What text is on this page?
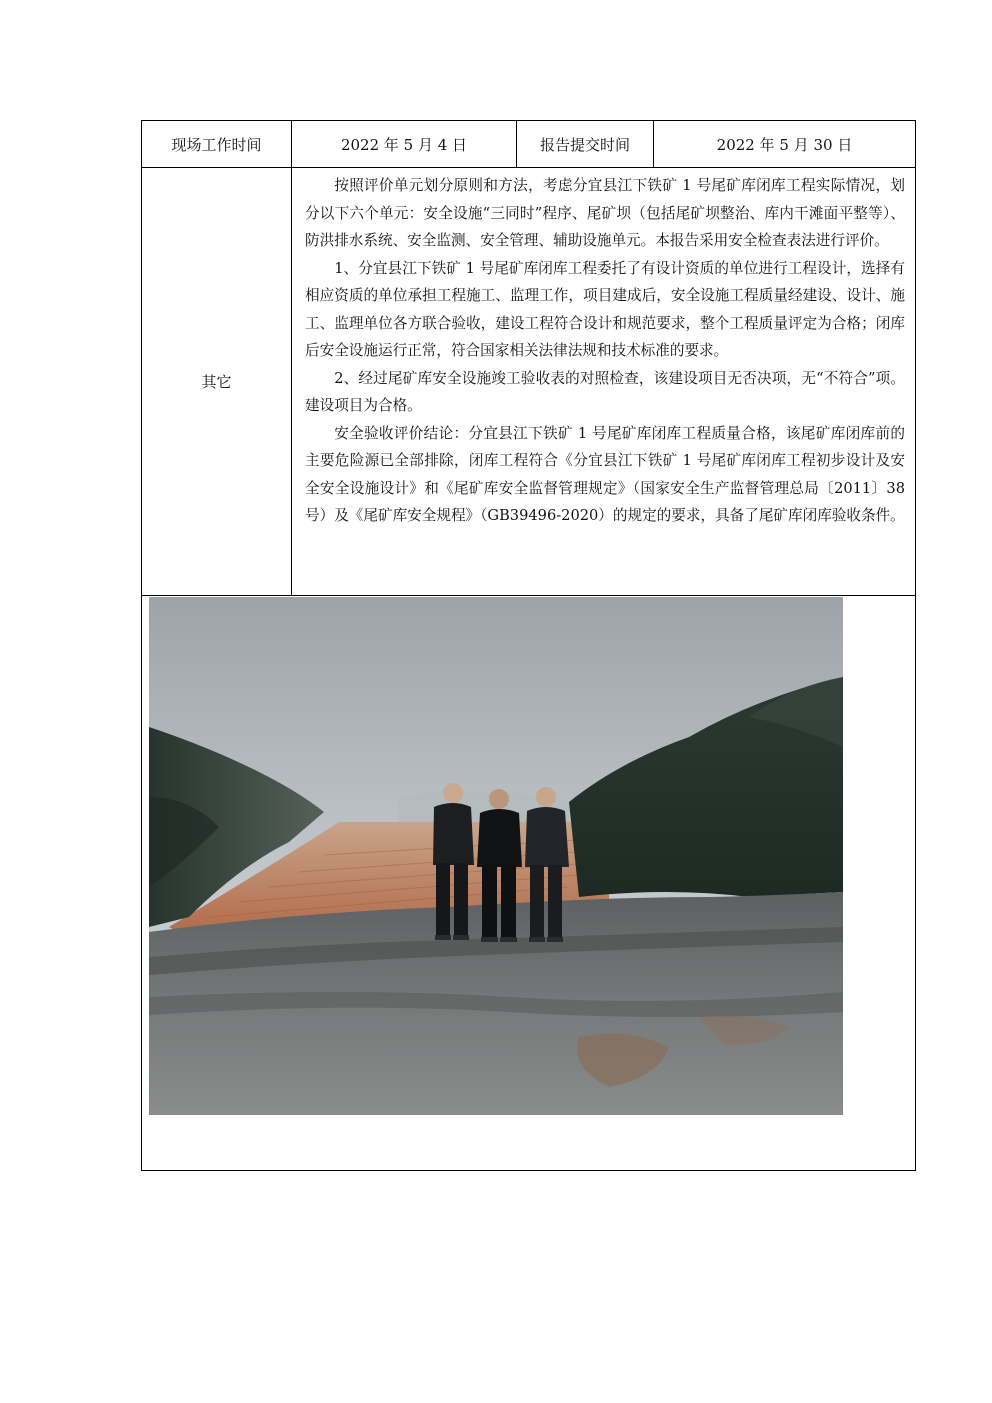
现场工作时间	2022 年 5 月 4 日	报告提交时间	2022 年 5 月 30 日
其它

按照评价单元划分原则和方法，考虑分宜县江下铁矿 1 号尾矿库闭库工程实际情况，划分以下六个单元：安全设施“三同时”程序、尾矿坝（包括尾矿坝整治、库内干滩面平整等）、防洪排水系统、安全监测、安全管理、辅助设施单元。本报告采用安全检查表法进行评价。

1、分宜县江下铁矿 1 号尾矿库闭库工程委托了有设计资质的单位进行工程设计，选择有相应资质的单位承担工程施工、监理工作，项目建成后，安全设施工程质量经建设、设计、施工、监理单位各方联合验收，建设工程符合设计和规范要求，整个工程质量评定为合格；闭库后安全设施运行正常，符合国家相关法律法规和技术标准的要求。

2、经过尾矿库安全设施竣工验收表的对照检查，该建设项目无否决项，无“不符合”项。建设项目为合格。

安全验收评价结论：分宜县江下铁矿 1 号尾矿库闭库工程质量合格，该尾矿库闭库前的主要危险源已全部排除，闭库工程符合《分宜县江下铁矿 1 号尾矿库闭库工程初步设计及安全安全设施设计》和《尾矿库安全监督管理规定》（国家安全生产监督管理总局〔2011〕38 号）及《尾矿库安全规程》（GB39496-2020）的规定的要求，具备了尾矿库闭库验收条件。
